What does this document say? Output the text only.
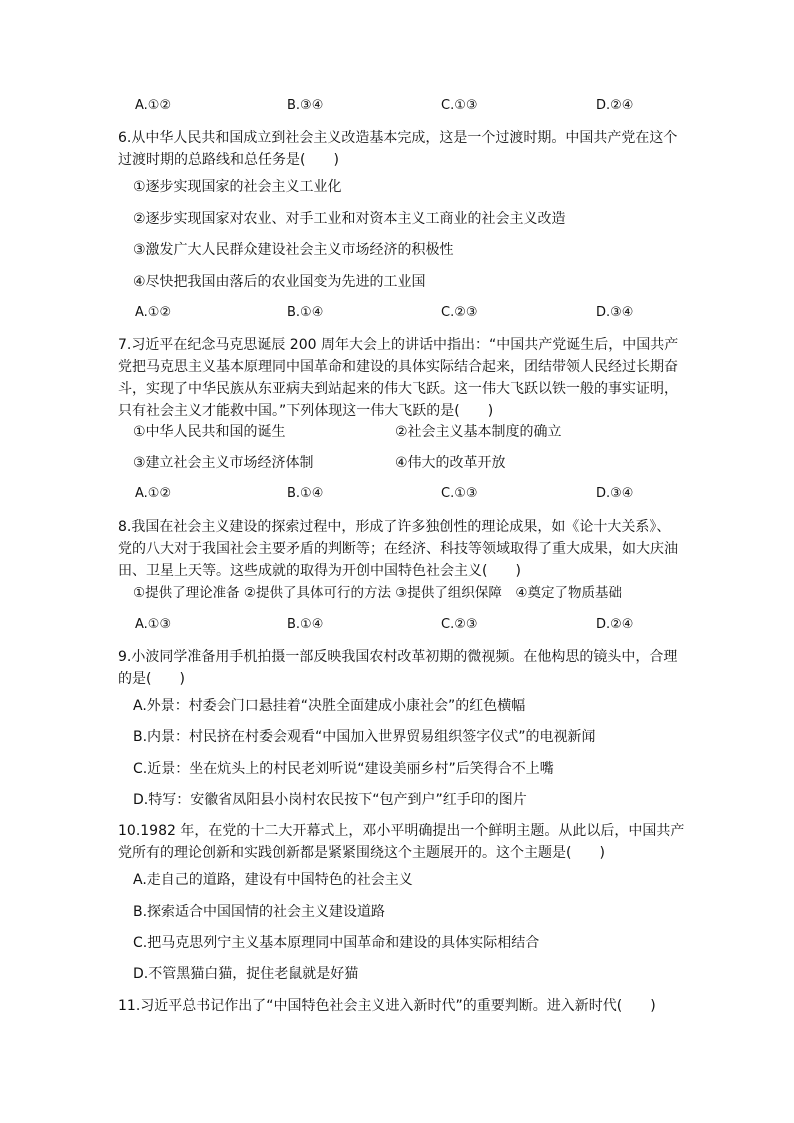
A.①②	B.③④	C.①③	D.②④
6.从中华人民共和国成立到社会主义改造基本完成，这是一个过渡时期。中国共产党在这个
过渡时期的总路线和总任务是(　　)
①逐步实现国家的社会主义工业化
②逐步实现国家对农业、对手工业和对资本主义工商业的社会主义改造
③激发广大人民群众建设社会主义市场经济的积极性
④尽快把我国由落后的农业国变为先进的工业国
A.①②	B.①④	C.②③	D.③④
7.习近平在纪念马克思诞辰 200 周年大会上的讲话中指出：“中国共产党诞生后，中国共产
党把马克思主义基本原理同中国革命和建设的具体实际结合起来，团结带领人民经过长期奋
斗，实现了中华民族从东亚病夫到站起来的伟大飞跃。这一伟大飞跃以铁一般的事实证明，
只有社会主义才能救中国。”下列体现这一伟大飞跃的是(　　)
①中华人民共和国的诞生	②社会主义基本制度的确立
③建立社会主义市场经济体制	④伟大的改革开放
A.①②	B.①④	C.①③	D.③④
8.我国在社会主义建设的探索过程中，形成了许多独创性的理论成果，如《论十大关系》、
党的八大对于我国社会主要矛盾的判断等；在经济、科技等领域取得了重大成果，如大庆油
田、卫星上天等。这些成就的取得为开创中国特色社会主义(　　)
①提供了理论准备 ②提供了具体可行的方法 ③提供了组织保障　④奠定了物质基础
A.①③	B.①④	C.②③	D.②④
9.小波同学准备用手机拍摄一部反映我国农村改革初期的微视频。在他构思的镜头中，合理
的是(　　)
A.外景：村委会门口悬挂着“决胜全面建成小康社会”的红色横幅
B.内景：村民挤在村委会观看“中国加入世界贸易组织签字仪式”的电视新闻
C.近景：坐在炕头上的村民老刘听说“建设美丽乡村”后笑得合不上嘴
D.特写：安徽省凤阳县小岗村农民按下“包产到户”红手印的图片
10.1982 年，在党的十二大开幕式上，邓小平明确提出一个鲜明主题。从此以后，中国共产
党所有的理论创新和实践创新都是紧紧围绕这个主题展开的。这个主题是(　　)
A.走自己的道路，建设有中国特色的社会主义
B.探索适合中国国情的社会主义建设道路
C.把马克思列宁主义基本原理同中国革命和建设的具体实际相结合
D.不管黑猫白猫，捉住老鼠就是好猫
11.习近平总书记作出了“中国特色社会主义进入新时代”的重要判断。进入新时代(　　)
